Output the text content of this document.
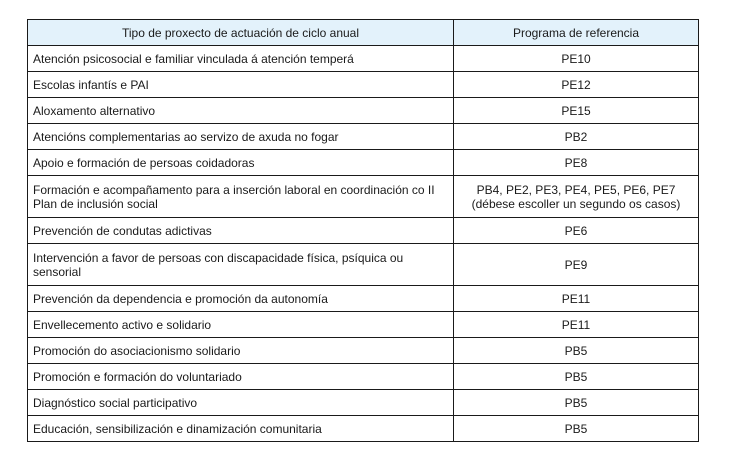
Tipo de proxecto de actuación de ciclo anual	Programa de referencia
Atención psicosocial e familiar vinculada á atención temperá	PE10
Escolas infantís e PAI	PE12
Aloxamento alternativo	PE15
Atencións complementarias ao servizo de axuda no fogar	PB2
Apoio e formación de persoas coidadoras	PE8
Formación e acompañamento para a inserción laboral en coordinación co II Plan de inclusión social	PB4, PE2, PE3, PE4, PE5, PE6, PE7
(débese escoller un segundo os casos)

Prevención de condutas adictivas	PE6
Intervención a favor de persoas con discapacidade física, psíquica ou sensorial	PE9
Prevención da dependencia e promoción da autonomía	PE11
Envellecemento activo e solidario	PE11
Promoción do asociacionismo solidario	PB5
Promoción e formación do voluntariado	PB5
Diagnóstico social participativo	PB5
Educación, sensibilización e dinamización comunitaria	PB5
